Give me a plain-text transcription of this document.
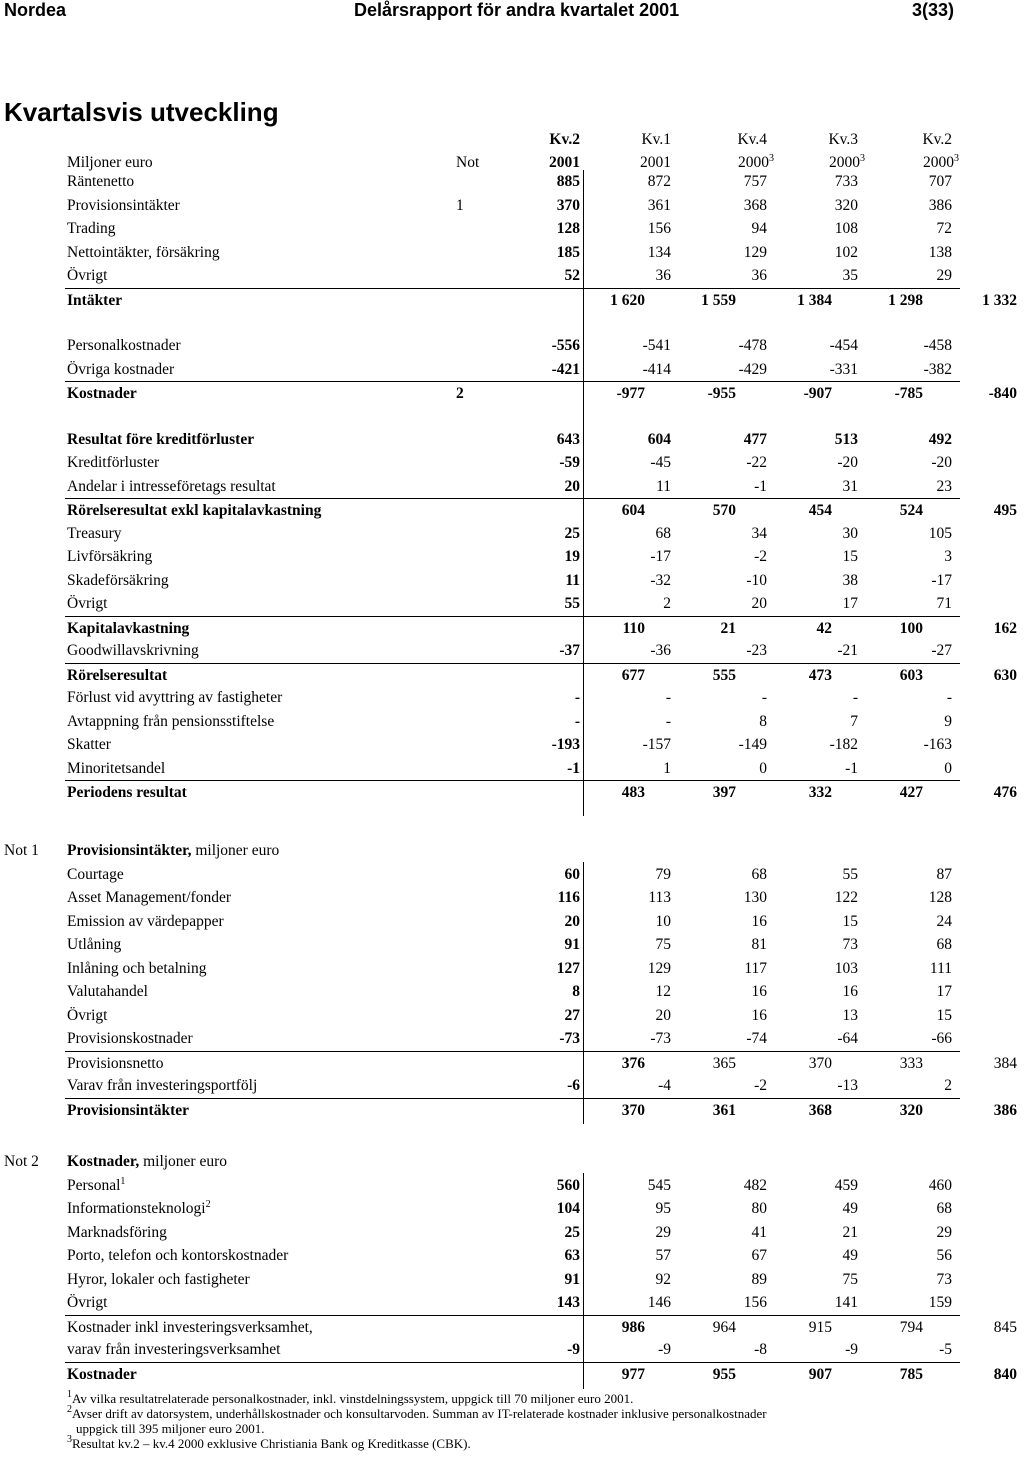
Nordea	Delårsrapport för andra kvartalet 2001	3(33)
Kvartalsvis utveckling
Miljoner euro	Not
Kv.2	Kv.1	Kv.4	Kv.3	Kv.2
2001	2001	2000$^3$	2000$^3$	2000$^3$
Räntenetto	885	872	757	733	707
Provisionsintäkter	1	370	361	368	320	386
Trading	128	156	94	108	72
Nettointäkter, försäkring	185	134	129	102	138
Övrigt	52	36	36	35	29
Intäkter	1 620	1 559	1 384	1 298	1 332
Personalkostnader	-556	-541	-478	-454	-458
Övriga kostnader	-421	-414	-429	-331	-382
Kostnader	2	-977	-955	-907	-785	-840
Resultat före kreditförluster	643	604	477	513	492
Kreditförluster	-59	-45	-22	-20	-20
Andelar i intresseföretags resultat	20	11	-1	31	23
Rörelseresultat exkl kapitalavkastning	604	570	454	524	495
Treasury	25	68	34	30	105
Livförsäkring	19	-17	-2	15	3
Skadeförsäkring	11	-32	-10	38	-17
Övrigt	55	2	20	17	71
Kapitalavkastning	110	21	42	100	162
Goodwillavskrivning	-37	-36	-23	-21	-27
Rörelseresultat	677	555	473	603	630
Förlust vid avyttring av fastigheter	-	-	-	-	-
Avtappning från pensionsstiftelse	-	-	8	7	9
Skatter	-193	-157	-149	-182	-163
Minoritetsandel	-1	1	0	-1	0
Periodens resultat	483	397	332	427	476
Not 1 Provisionsintäkter, miljoner euro
Courtage	60	79	68	55	87
Asset Management/fonder	116	113	130	122	128
Emission av värdepapper	20	10	16	15	24
Utlåning	91	75	81	73	68
Inlåning och betalning	127	129	117	103	111
Valutahandel	8	12	16	16	17
Övrigt	27	20	16	13	15
Provisionskostnader	-73	-73	-74	-64	-66
Provisionsnetto	376	365	370	333	384
Varav från investeringsportfölj	-6	-4	-2	-13	2
Provisionsintäkter	370	361	368	320	386
Not 2 Kostnader, miljoner euro
Personal$^1$	560	545	482	459	460
Informationsteknologi$^2$	104	95	80	49	68
Marknadsföring	25	29	41	21	29
Porto, telefon och kontorskostnader	63	57	67	49	56
Hyror, lokaler och fastigheter	91	92	89	75	73
Övrigt	143	146	156	141	159
Kostnader inkl investeringsverksamhet,	986	964	915	794	845
varav från investeringsverksamhet	-9	-9	-8	-9	-5
Kostnader	977	955	907	785	840
$^1$Av vilka resultatrelaterade personalkostnader, inkl. vinstdelningssystem, uppgick till 70 miljoner euro 2001.
$^2$Avser drift av datorsystem, underhållskostnader och konsultarvoden. Summan av IT-relaterade kostnader inklusive personalkostnader
uppgick till 395 miljoner euro 2001.
$^3$Resultat kv.2 – kv.4 2000 exklusive Christiania Bank og Kreditkasse (CBK).
